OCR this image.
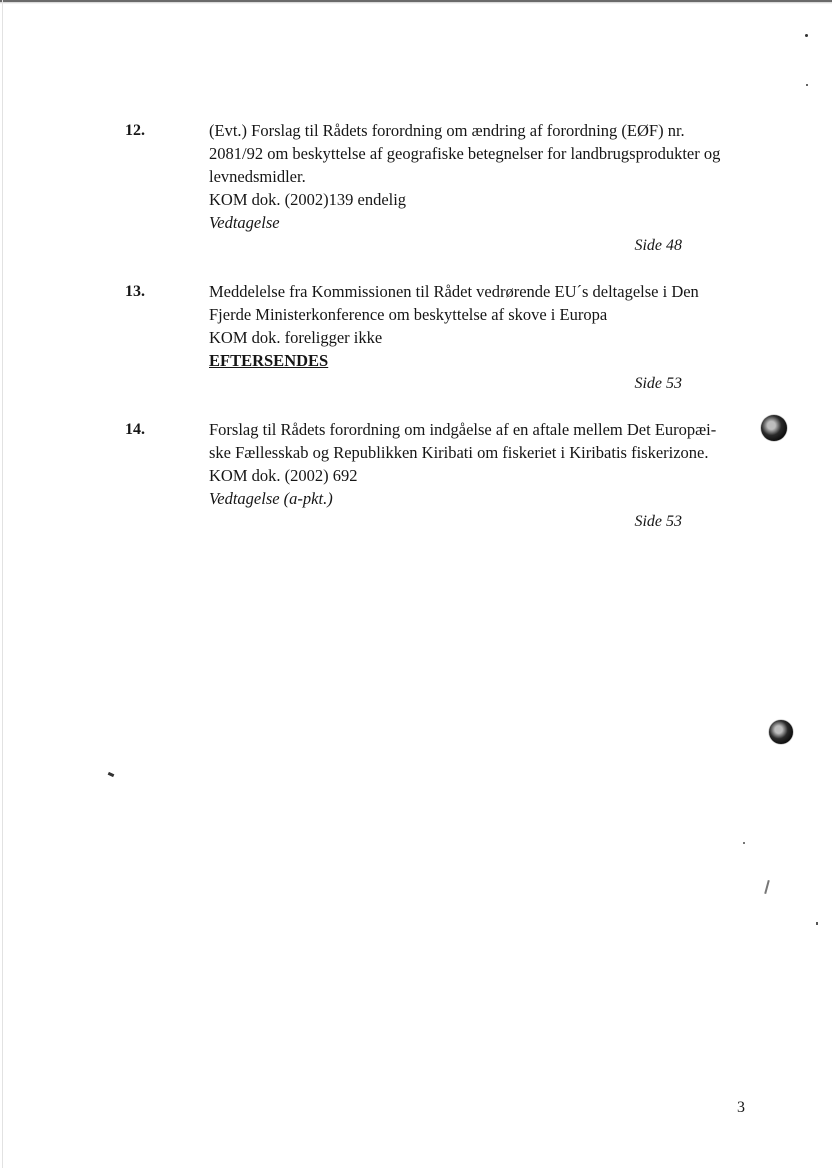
12.	(Evt.) Forslag til Rådets forordning om ændring af forordning (EØF) nr.
2081/92 om beskyttelse af geografiske betegnelser for landbrugsprodukter og
levnedsmidler.
KOM dok. (2002)139 endelig
Vedtagelse
Side 48
13.	Meddelelse fra Kommissionen til Rådet vedrørende EU´s deltagelse i Den
Fjerde Ministerkonference om beskyttelse af skove i Europa
KOM dok. foreligger ikke
EFTERSENDES
Side 53
14.	Forslag til Rådets forordning om indgåelse af en aftale mellem Det Europæi-
ske Fællesskab og Republikken Kiribati om fiskeriet i Kiribatis fiskerizone.
KOM dok. (2002) 692
Vedtagelse (a-pkt.)
Side 53
3
